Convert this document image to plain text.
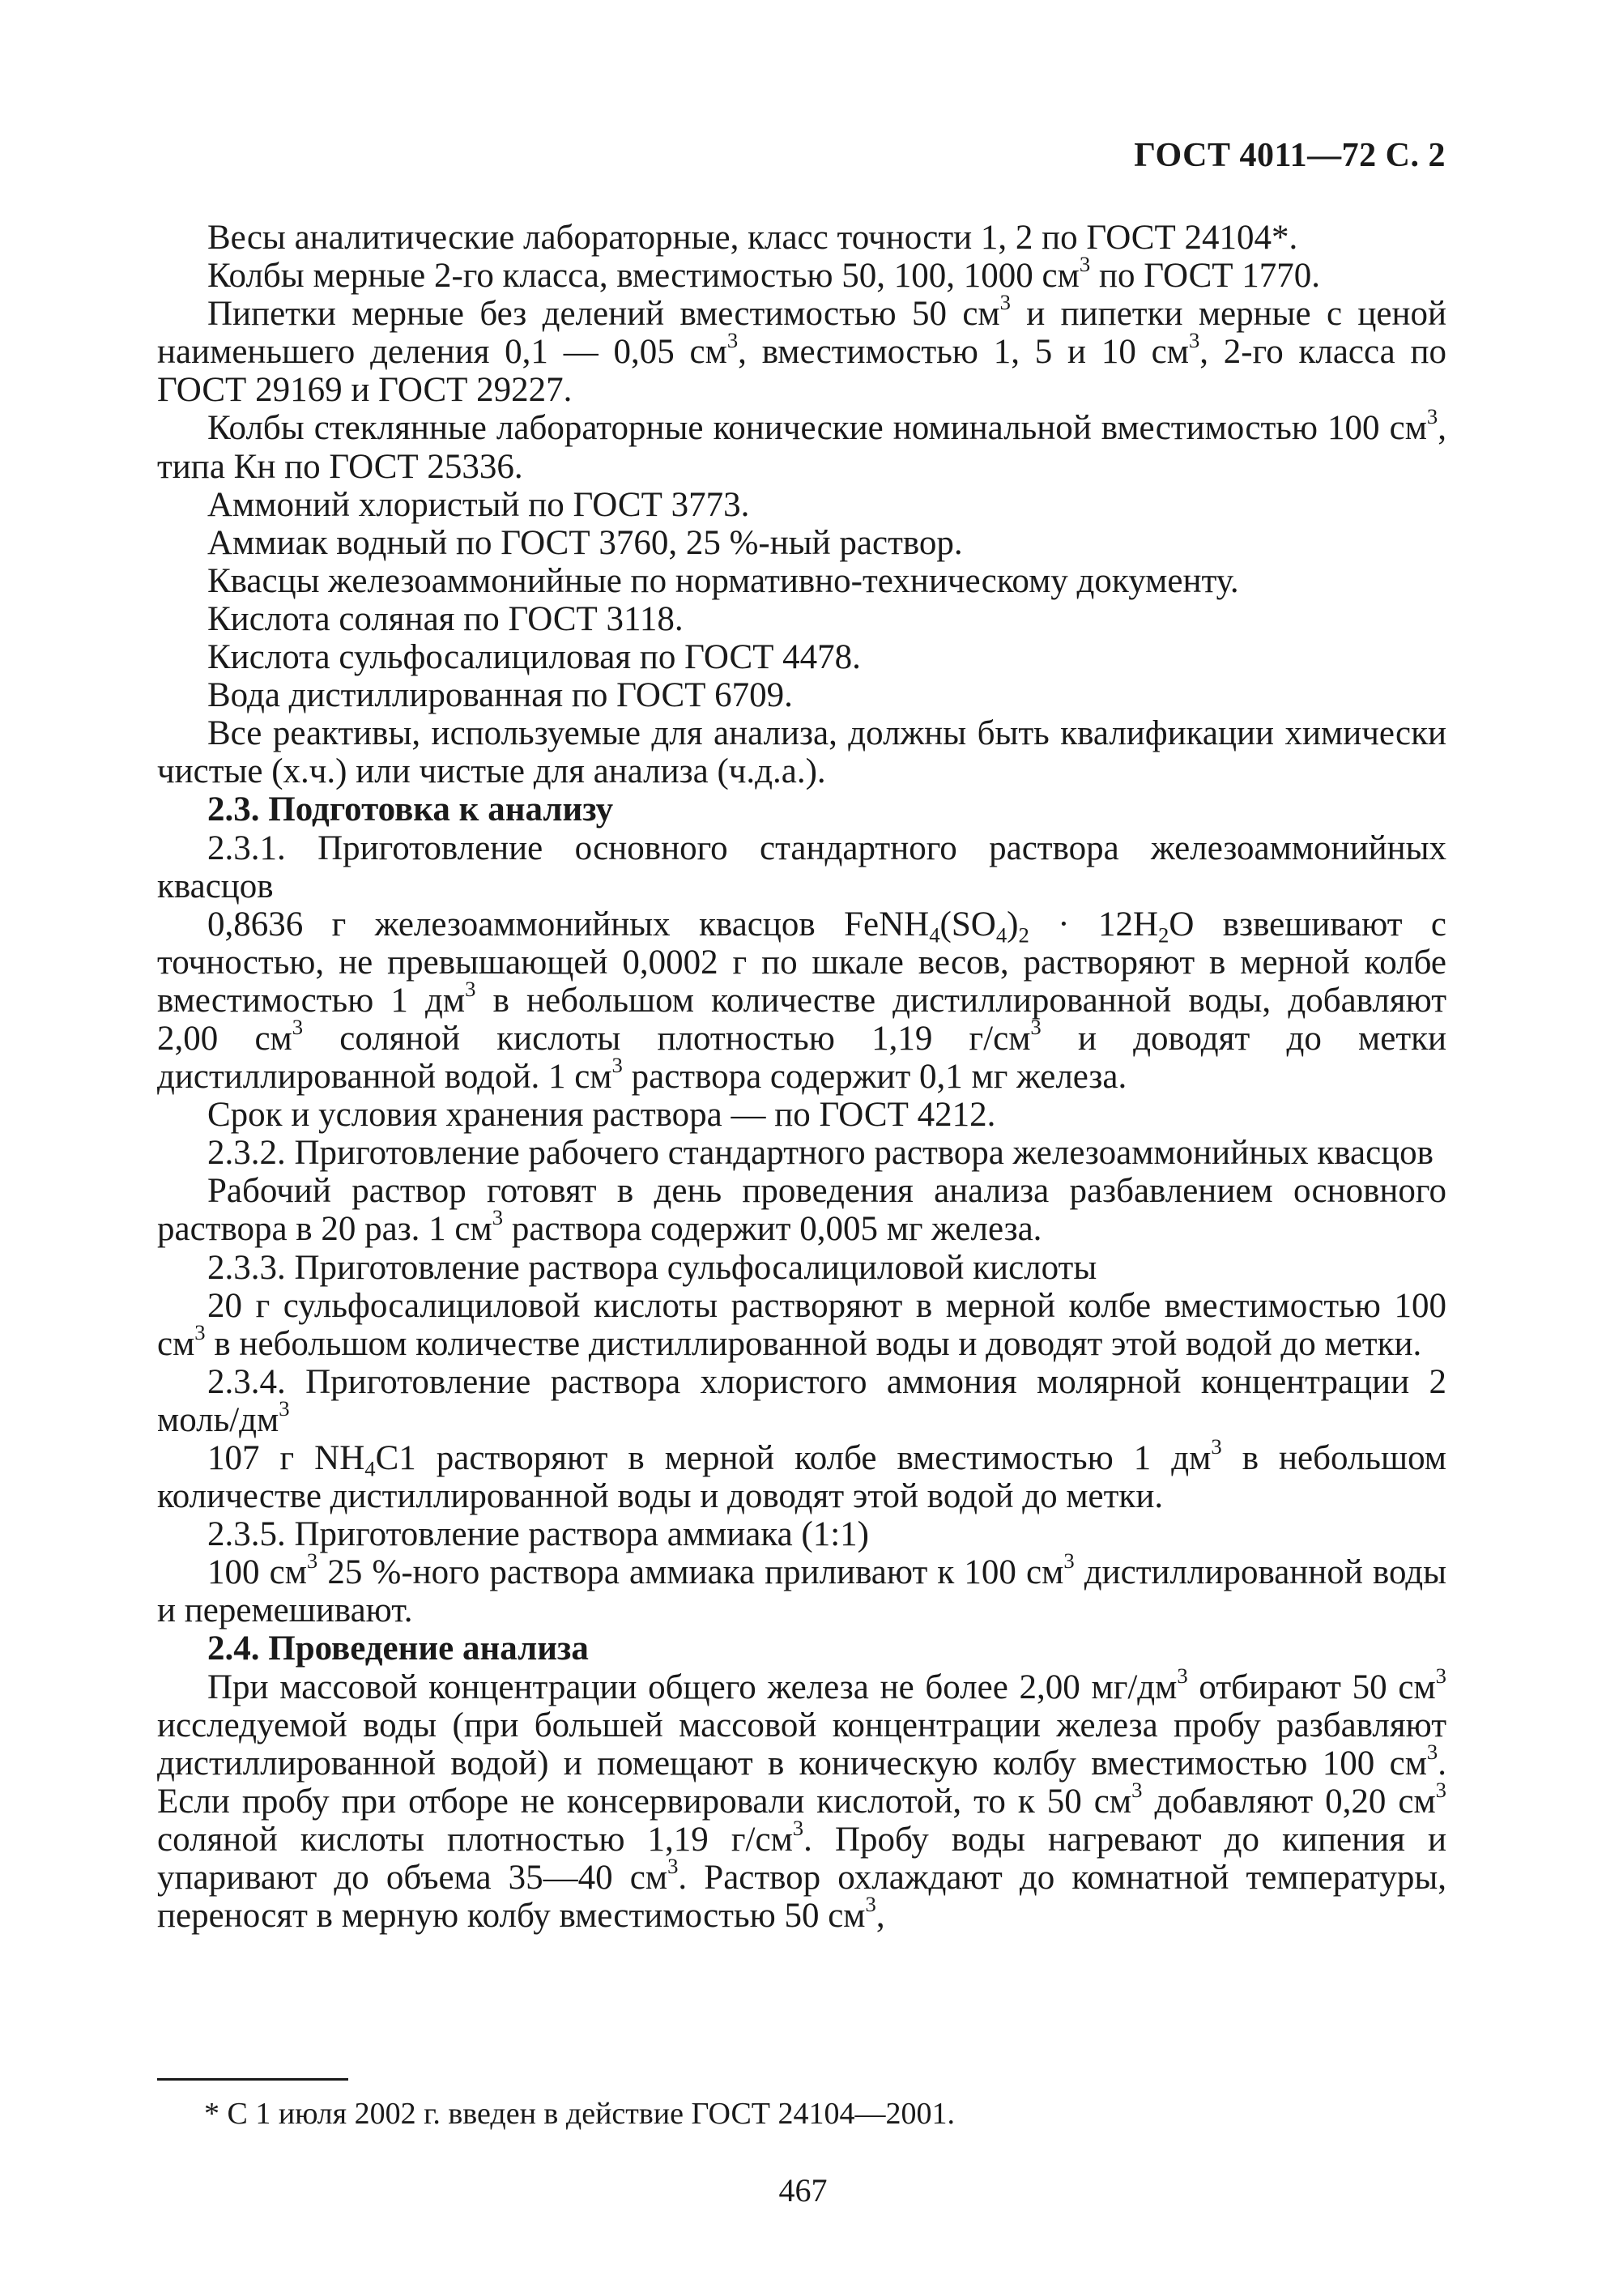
ГОСТ 4011—72 С. 2

Весы аналитические лабораторные, класс точности 1, 2 по ГОСТ 24104*.

Колбы мерные 2-го класса, вместимостью 50, 100, 1000 $см^3$ по ГОСТ 1770.

Пипетки мерные без делений вместимостью 50 $см^3$ и пипетки мерные с ценой наименьшего деления 0,1 — 0,05 $см^3$, вместимостью 1, 5 и 10 $см^3$, 2-го класса по ГОСТ 29169 и ГОСТ 29227.

Колбы стеклянные лабораторные конические номинальной вместимостью 100 $см^3$, типа Кн по ГОСТ 25336.

Аммоний хлористый по ГОСТ 3773.

Аммиак водный по ГОСТ 3760, 25 %-ный раствор.

Квасцы железоаммонийные по нормативно-техническому документу.

Кислота соляная по ГОСТ 3118.

Кислота сульфосалициловая по ГОСТ 4478.

Вода дистиллированная по ГОСТ 6709.

Все реактивы, используемые для анализа, должны быть квалификации химически чистые (х.ч.) или чистые для анализа (ч.д.а.).

2.3. Подготовка к анализу

2.3.1. Приготовление основного стандартного раствора железоаммонийных квасцов

0,8636 г железоаммонийных квасцов $FeNH_4(SO_4)_2 \cdot 12H_2O$ взвешивают с точностью, не превышающей 0,0002 г по шкале весов, растворяют в мерной колбе вместимостью 1 $дм^3$ в небольшом количестве дистиллированной воды, добавляют 2,00 $см^3$ соляной кислоты плотностью 1,19 $г/см^3$ и доводят до метки дистиллированной водой. 1 $см^3$ раствора содержит 0,1 мг железа.

Срок и условия хранения раствора — по ГОСТ 4212.

2.3.2. Приготовление рабочего стандартного раствора железоаммонийных квасцов

Рабочий раствор готовят в день проведения анализа разбавлением основного раствора в 20 раз. 1 $см^3$ раствора содержит 0,005 мг железа.

2.3.3. Приготовление раствора сульфосалициловой кислоты

20 г сульфосалициловой кислоты растворяют в мерной колбе вместимостью 100 $см^3$ в небольшом количестве дистиллированной воды и доводят этой водой до метки.

2.3.4. Приготовление раствора хлористого аммония молярной концентрации 2 моль/$дм^3$

107 г $NH_4C1$ растворяют в мерной колбе вместимостью 1 $дм^3$ в небольшом количестве дистиллированной воды и доводят этой водой до метки.

2.3.5. Приготовление раствора аммиака (1:1)

100 $см^3$ 25 %-ного раствора аммиака приливают к 100 $см^3$ дистиллированной воды и перемешивают.

2.4. Проведение анализа

При массовой концентрации общего железа не более 2,00 $мг/дм^3$ отбирают 50 $см^3$ исследуемой воды (при большей массовой концентрации железа пробу разбавляют дистиллированной водой) и помещают в коническую колбу вместимостью 100 $см^3$. Если пробу при отборе не консервировали кислотой, то к 50 $см^3$ добавляют 0,20 $см^3$ соляной кислоты плотностью 1,19 $г/см^3$. Пробу воды нагревают до кипения и упаривают до объема 35—40 $см^3$. Раствор охлаждают до комнатной температуры, переносят в мерную колбу вместимостью 50 $см^3$,

* С 1 июля 2002 г. введен в действие ГОСТ 24104—2001.
467
